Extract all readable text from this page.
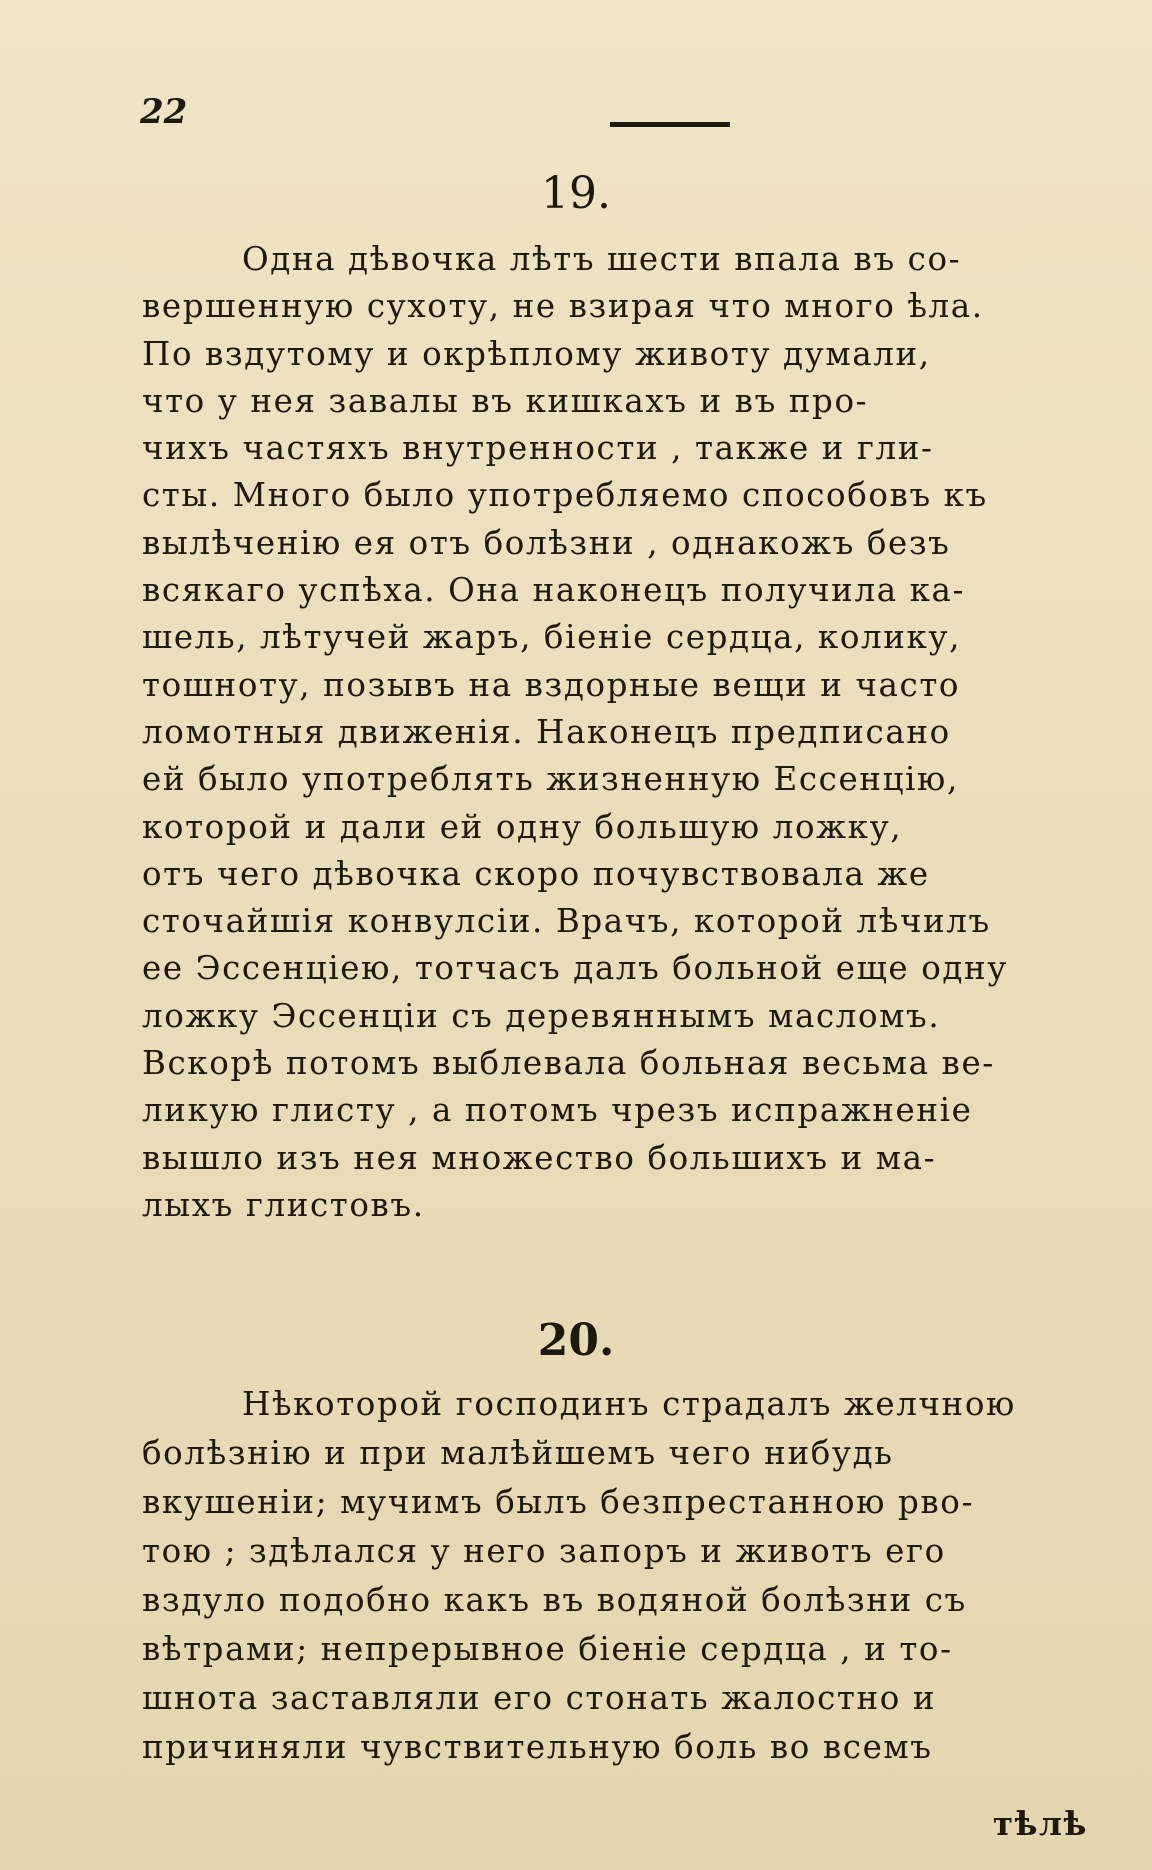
22
19.
Одна дѣвочка лѣтъ шести впала въ со-
вершенную сухоту, не взирая что много ѣла.
По вздутому и окрѣплому животу думали,
что у нея завалы въ кишкахъ и въ про-
чихъ частяхъ внутренности , также и гли-
сты. Много было употребляемо способовъ къ
вылѣченію ея отъ болѣзни , однакожъ безъ
всякаго успѣха. Она наконецъ получила ка-
шель, лѣтучей жаръ, біеніе сердца, колику,
тошноту, позывъ на вздорные вещи и часто
ломотныя движенія. Наконецъ предписано
ей было употреблять жизненную Ессенцію,
которой и дали ей одну большую ложку,
отъ чего дѣвочка скоро почувствовала же
сточайшія конвулсіи. Врачъ, которой лѣчилъ
ее Эссенціею, тотчасъ далъ больной еще одну
ложку Эссенціи съ деревяннымъ масломъ.
Вскорѣ потомъ выблевала больная весьма ве-
ликую глисту , а потомъ чрезъ испражненіе
вышло изъ нея множество большихъ и ма-
лыхъ глистовъ.
20.
Нѣкоторой господинъ страдалъ желчною
болѣзнію и при малѣйшемъ чего нибудь
вкушеніи; мучимъ былъ безпрестанною рво-
тою ; здѣлался у него запоръ и животъ его
вздуло подобно какъ въ водяной болѣзни съ
вѣтрами; непрерывное біеніе сердца , и то-
шнота заставляли его стонать жалостно и
причиняли чувствительную боль во всемъ
тѣлѣ
